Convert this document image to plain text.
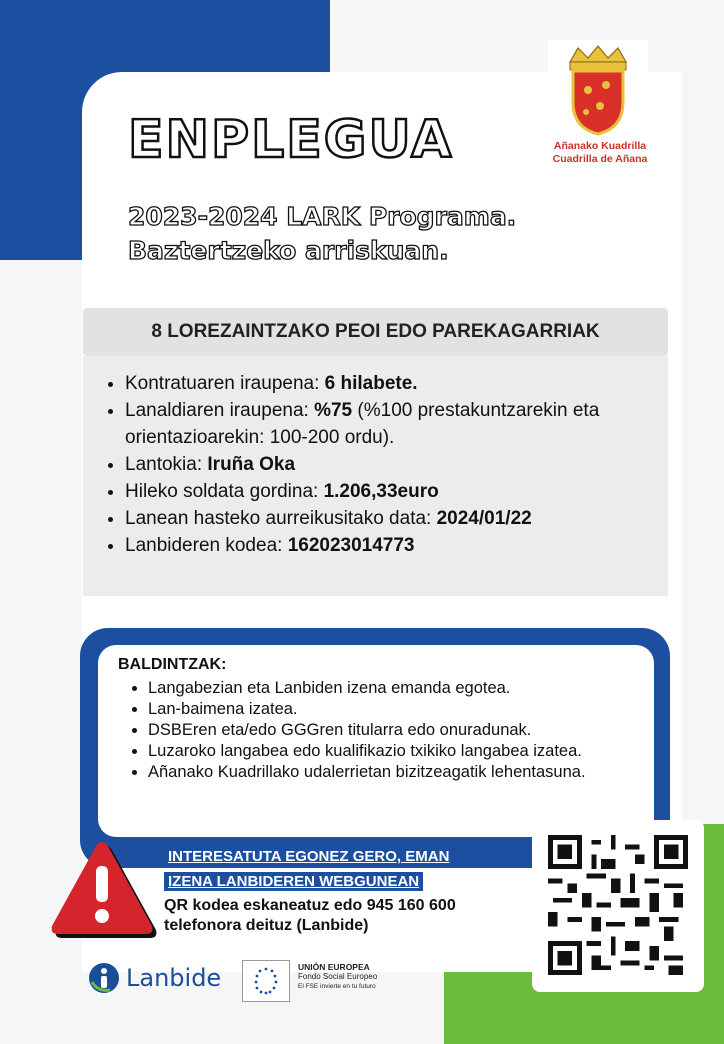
ENPLEGUA
2023-2024 LARK Programa.
Baztertzeko arriskuan.
Añanako Kuadrilla
Cuadrilla de Añana
8 LOREZAINTZAKO PEOI EDO PAREKAGARRIAK
• Kontratuaren iraupena: 6 hilabete.
• Lanaldiaren iraupena: %75 (%100 prestakuntzarekin eta orientazioarekin: 100-200 ordu).
• Lantokia: Iruña Oka
• Hileko soldata gordina: 1.206,33euro
• Lanean hasteko aurreikusitako data: 2024/01/22
• Lanbideren kodea: 162023014773
BALDINTZAK:
• Langabezian eta Lanbiden izena emanda egotea.
• Lan-baimena izatea.
• DSBEren eta/edo GGGren titularra edo onuradunak.
• Luzaroko langabea edo kualifikazio txikiko langabea izatea.
• Añanako Kuadrillako udalerrietan bizitzeagatik lehentasuna.
INTERESATUTA EGONEZ GERO, EMAN
IZENA LANBIDEREN WEBGUNEAN
QR kodea eskaneatuz edo 945 160 600
telefonora deituz (Lanbide)
Lanbide	UNIÓN EUROPEA
Fondo Social Europeo
El FSE invierte en tu futuro
